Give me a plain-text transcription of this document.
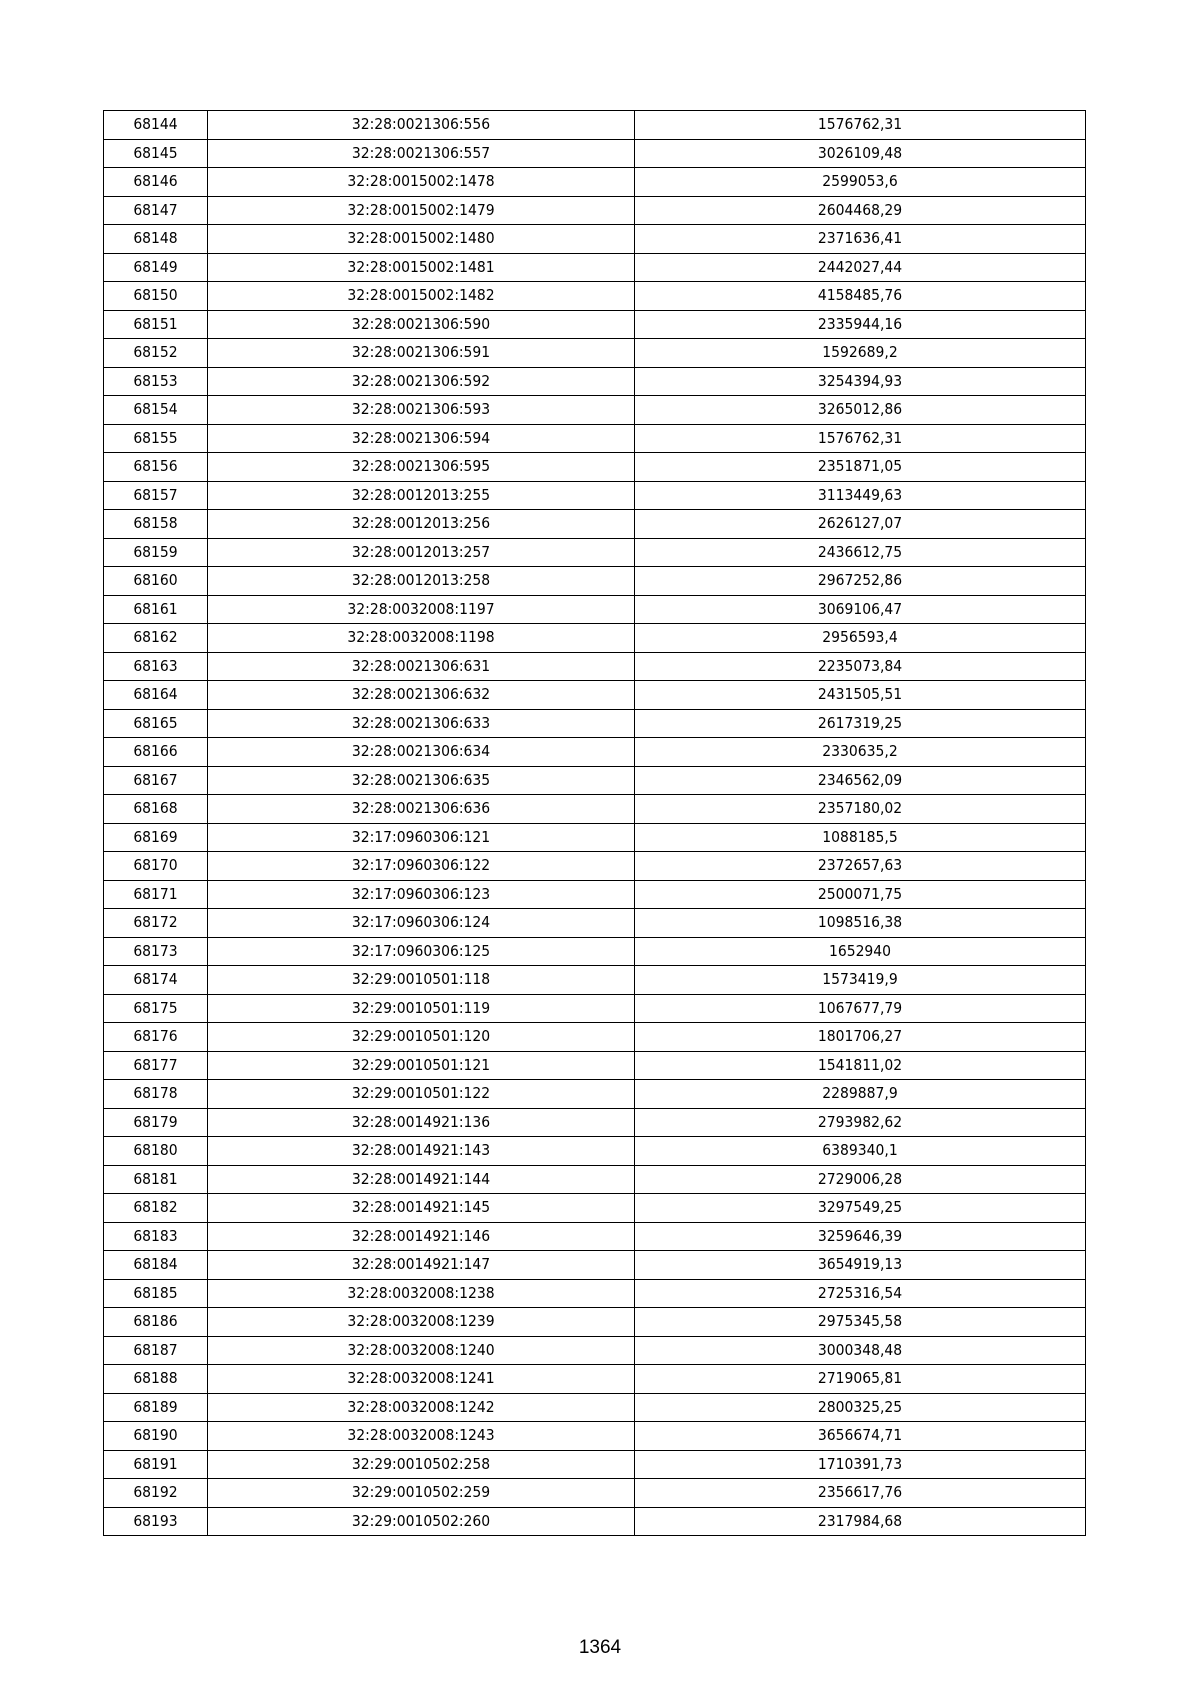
68144	32:28:0021306:556	1576762,31
68145	32:28:0021306:557	3026109,48
68146	32:28:0015002:1478	2599053,6
68147	32:28:0015002:1479	2604468,29
68148	32:28:0015002:1480	2371636,41
68149	32:28:0015002:1481	2442027,44
68150	32:28:0015002:1482	4158485,76
68151	32:28:0021306:590	2335944,16
68152	32:28:0021306:591	1592689,2
68153	32:28:0021306:592	3254394,93
68154	32:28:0021306:593	3265012,86
68155	32:28:0021306:594	1576762,31
68156	32:28:0021306:595	2351871,05
68157	32:28:0012013:255	3113449,63
68158	32:28:0012013:256	2626127,07
68159	32:28:0012013:257	2436612,75
68160	32:28:0012013:258	2967252,86
68161	32:28:0032008:1197	3069106,47
68162	32:28:0032008:1198	2956593,4
68163	32:28:0021306:631	2235073,84
68164	32:28:0021306:632	2431505,51
68165	32:28:0021306:633	2617319,25
68166	32:28:0021306:634	2330635,2
68167	32:28:0021306:635	2346562,09
68168	32:28:0021306:636	2357180,02
68169	32:17:0960306:121	1088185,5
68170	32:17:0960306:122	2372657,63
68171	32:17:0960306:123	2500071,75
68172	32:17:0960306:124	1098516,38
68173	32:17:0960306:125	1652940
68174	32:29:0010501:118	1573419,9
68175	32:29:0010501:119	1067677,79
68176	32:29:0010501:120	1801706,27
68177	32:29:0010501:121	1541811,02
68178	32:29:0010501:122	2289887,9
68179	32:28:0014921:136	2793982,62
68180	32:28:0014921:143	6389340,1
68181	32:28:0014921:144	2729006,28
68182	32:28:0014921:145	3297549,25
68183	32:28:0014921:146	3259646,39
68184	32:28:0014921:147	3654919,13
68185	32:28:0032008:1238	2725316,54
68186	32:28:0032008:1239	2975345,58
68187	32:28:0032008:1240	3000348,48
68188	32:28:0032008:1241	2719065,81
68189	32:28:0032008:1242	2800325,25
68190	32:28:0032008:1243	3656674,71
68191	32:29:0010502:258	1710391,73
68192	32:29:0010502:259	2356617,76
68193	32:29:0010502:260	2317984,68
1364
